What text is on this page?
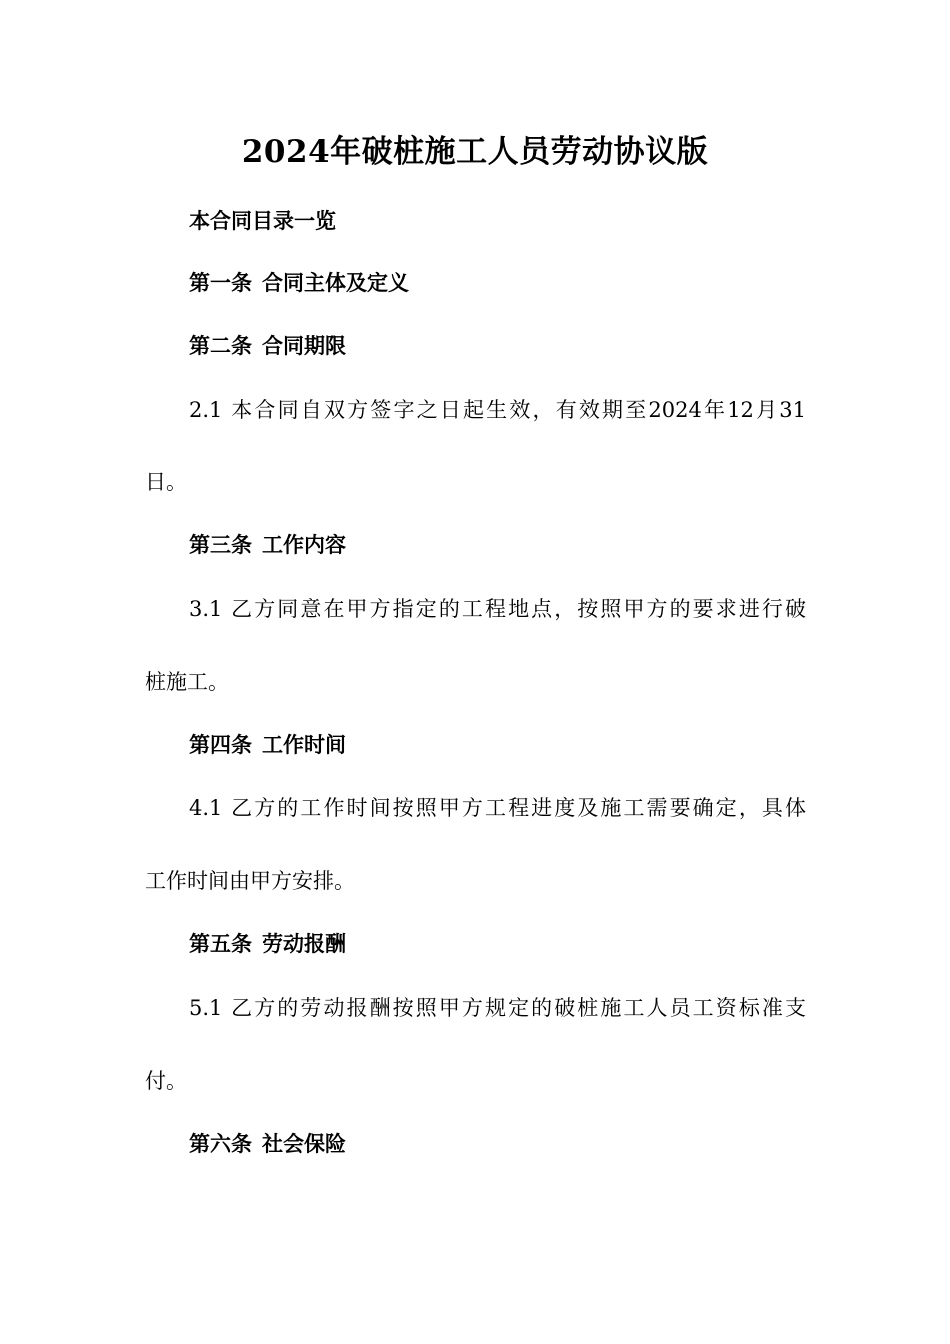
2024年破桩施工人员劳动协议版
本合同目录一览
第一条 合同主体及定义
第二条 合同期限
2.1 本合同自双方签字之日起生效，有效期至2024年12月31
日。
第三条 工作内容
3.1 乙方同意在甲方指定的工程地点，按照甲方的要求进行破
桩施工。
第四条 工作时间
4.1 乙方的工作时间按照甲方工程进度及施工需要确定，具体
工作时间由甲方安排。
第五条 劳动报酬
5.1 乙方的劳动报酬按照甲方规定的破桩施工人员工资标准支
付。
第六条 社会保险
